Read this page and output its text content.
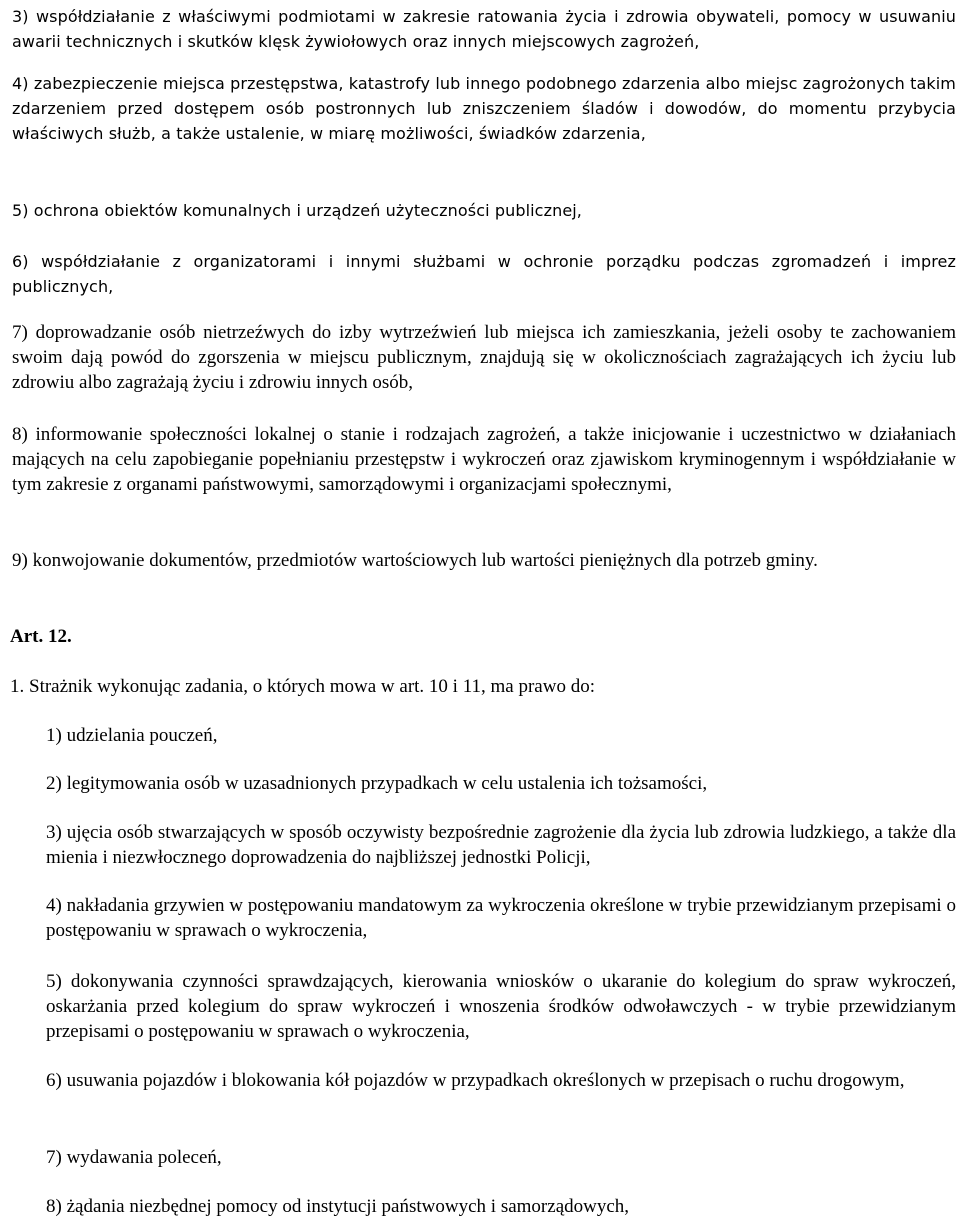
3) współdziałanie z właściwymi podmiotami w zakresie ratowania życia i zdrowia obywateli, pomocy w usuwaniu awarii technicznych i skutków klęsk żywiołowych oraz innych miejscowych zagrożeń,

4) zabezpieczenie miejsca przestępstwa, katastrofy lub innego podobnego zdarzenia albo miejsc zagrożonych takim zdarzeniem przed dostępem osób postronnych lub zniszczeniem śladów i dowodów, do momentu przybycia właściwych służb, a także ustalenie, w miarę możliwości, świadków zdarzenia,

5) ochrona obiektów komunalnych i urządzeń użyteczności publicznej,

6) współdziałanie z organizatorami i innymi służbami w ochronie porządku podczas zgromadzeń i imprez publicznych,

7) doprowadzanie osób nietrzeźwych do izby wytrzeźwień lub miejsca ich zamieszkania, jeżeli osoby te zachowaniem swoim dają powód do zgorszenia w miejscu publicznym, znajdują się w okolicznościach zagrażających ich życiu lub zdrowiu albo zagrażają życiu i zdrowiu innych osób,

8) informowanie społeczności lokalnej o stanie i rodzajach zagrożeń, a także inicjowanie i uczestnictwo w działaniach mających na celu zapobieganie popełnianiu przestępstw i wykroczeń oraz zjawiskom kryminogennym i współdziałanie w tym zakresie z organami państwowymi, samorządowymi i organizacjami społecznymi,

9) konwojowanie dokumentów, przedmiotów wartościowych lub wartości pieniężnych dla potrzeb gminy.

Art. 12.

1. Strażnik wykonując zadania, o których mowa w art. 10 i 11, ma prawo do:

1) udzielania pouczeń,

2) legitymowania osób w uzasadnionych przypadkach w celu ustalenia ich tożsamości,

3) ujęcia osób stwarzających w sposób oczywisty bezpośrednie zagrożenie dla życia lub zdrowia ludzkiego, a także dla mienia i niezwłocznego doprowadzenia do najbliższej jednostki Policji,

4) nakładania grzywien w postępowaniu mandatowym za wykroczenia określone w trybie przewidzianym przepisami o postępowaniu w sprawach o wykroczenia,

5) dokonywania czynności sprawdzających, kierowania wniosków o ukaranie do kolegium do spraw wykroczeń, oskarżania przed kolegium do spraw wykroczeń i wnoszenia środków odwoławczych - w trybie przewidzianym przepisami o postępowaniu w sprawach o wykroczenia,

6) usuwania pojazdów i blokowania kół pojazdów w przypadkach określonych w przepisach o ruchu drogowym,

7) wydawania poleceń,

8) żądania niezbędnej pomocy od instytucji państwowych i samorządowych,
